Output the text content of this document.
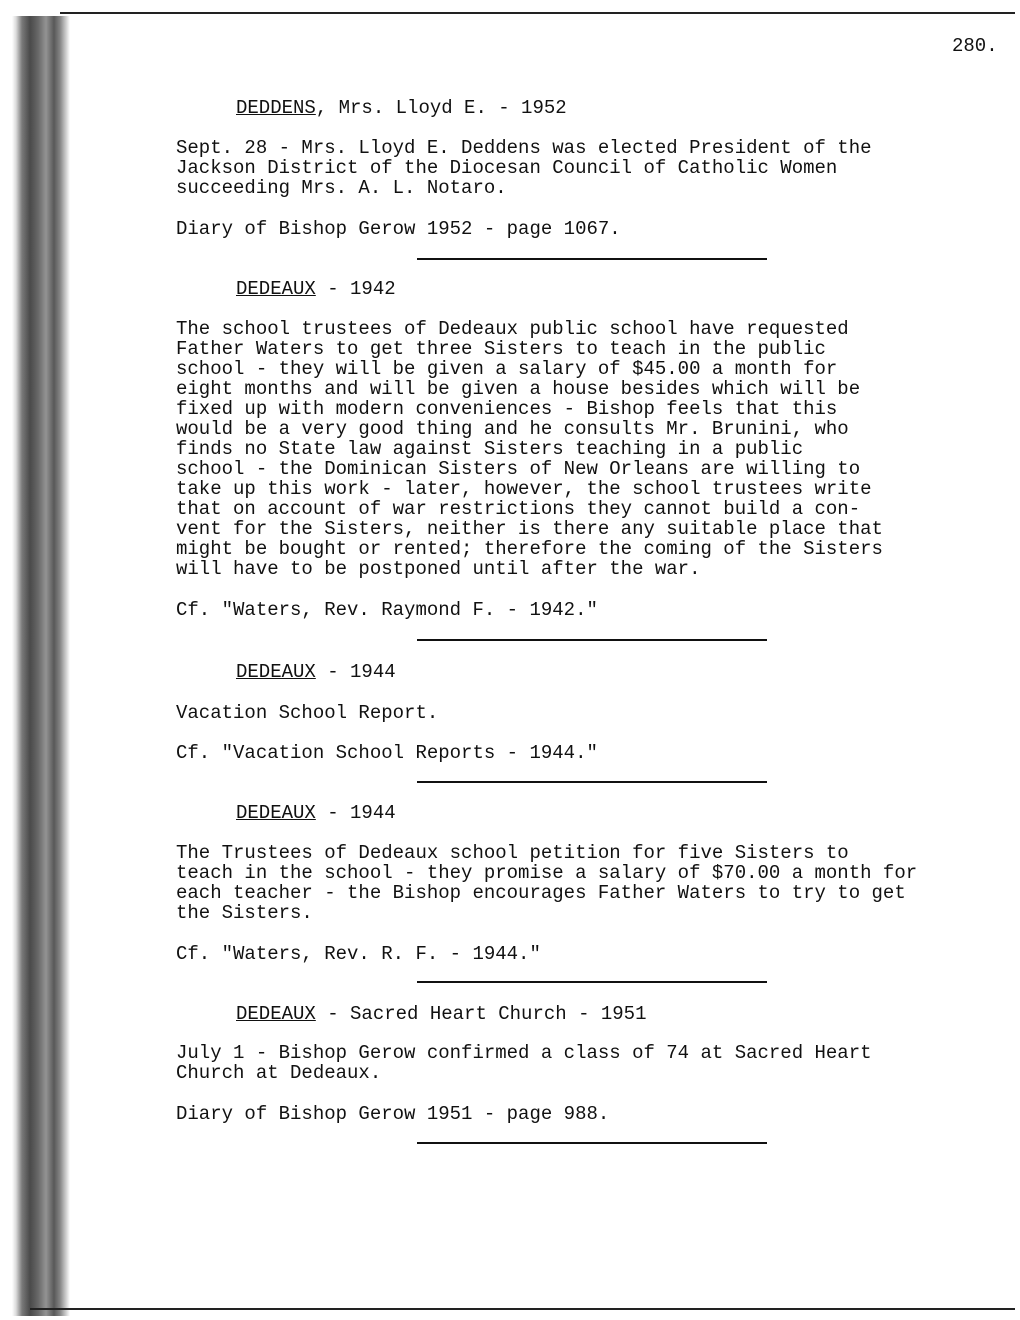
280.
DEDDENS, Mrs. Lloyd E. - 1952
Sept. 28 - Mrs. Lloyd E. Deddens was elected President of the
Jackson District of the Diocesan Council of Catholic Women
succeeding Mrs. A. L. Notaro.
Diary of Bishop Gerow 1952 - page 1067.
DEDEAUX - 1942
The school trustees of Dedeaux public school have requested
Father Waters to get three Sisters to teach in the public
school - they will be given a salary of $45.00 a month for
eight months and will be given a house besides which will be
fixed up with modern conveniences - Bishop feels that this
would be a very good thing and he consults Mr. Brunini, who
finds no State law against Sisters teaching in a public
school - the Dominican Sisters of New Orleans are willing to
take up this work - later, however, the school trustees write
that on account of war restrictions they cannot build a con-
vent for the Sisters, neither is there any suitable place that
might be bought or rented; therefore the coming of the Sisters
will have to be postponed until after the war.
Cf. "Waters, Rev. Raymond F. - 1942."
DEDEAUX - 1944
Vacation School Report.
Cf. "Vacation School Reports - 1944."
DEDEAUX - 1944
The Trustees of Dedeaux school petition for five Sisters to
teach in the school - they promise a salary of $70.00 a month for
each teacher - the Bishop encourages Father Waters to try to get
the Sisters.
Cf. "Waters, Rev. R. F. - 1944."
DEDEAUX - Sacred Heart Church - 1951
July 1 - Bishop Gerow confirmed a class of 74 at Sacred Heart
Church at Dedeaux.
Diary of Bishop Gerow 1951 - page 988.
